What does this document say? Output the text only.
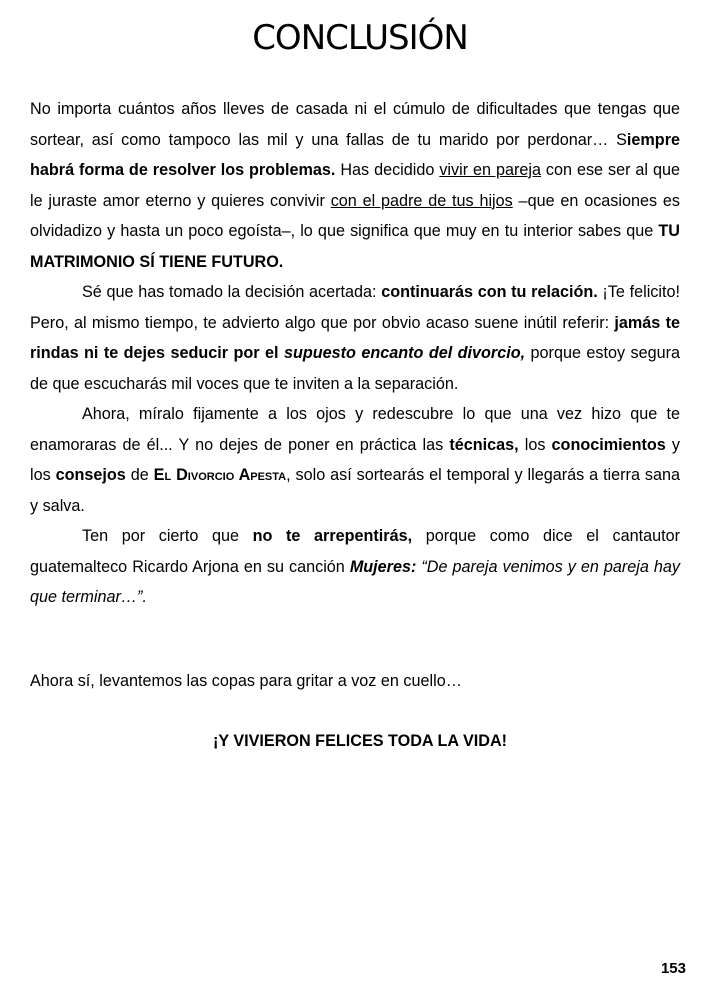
CONCLUSIÓN

No importa cuántos años lleves de casada ni el cúmulo de dificultades que tengas que sortear, así como tampoco las mil y una fallas de tu marido por perdonar… Siempre habrá forma de resolver los problemas. Has decidido vivir en pareja con ese ser al que le juraste amor eterno y quieres convivir con el padre de tus hijos –que en ocasiones es olvidadizo y hasta un poco egoísta–, lo que significa que muy en tu interior sabes que TU MATRIMONIO SÍ TIENE FUTURO.

Sé que has tomado la decisión acertada: continuarás con tu relación. ¡Te felicito! Pero, al mismo tiempo, te advierto algo que por obvio acaso suene inútil referir: jamás te rindas ni te dejes seducir por el supuesto encanto del divorcio, porque estoy segura de que escucharás mil voces que te inviten a la separación.

Ahora, míralo fijamente a los ojos y redescubre lo que una vez hizo que te enamoraras de él... Y no dejes de poner en práctica las técnicas, los conocimientos y los consejos de El Divorcio Apesta, solo así sortearás el temporal y llegarás a tierra sana y salva.

Ten por cierto que no te arrepentirás, porque como dice el cantautor guatemalteco Ricardo Arjona en su canción Mujeres: “De pareja venimos y en pareja hay que terminar…”.

Ahora sí, levantemos las copas para gritar a voz en cuello…

¡Y VIVIERON FELICES TODA LA VIDA!

153
